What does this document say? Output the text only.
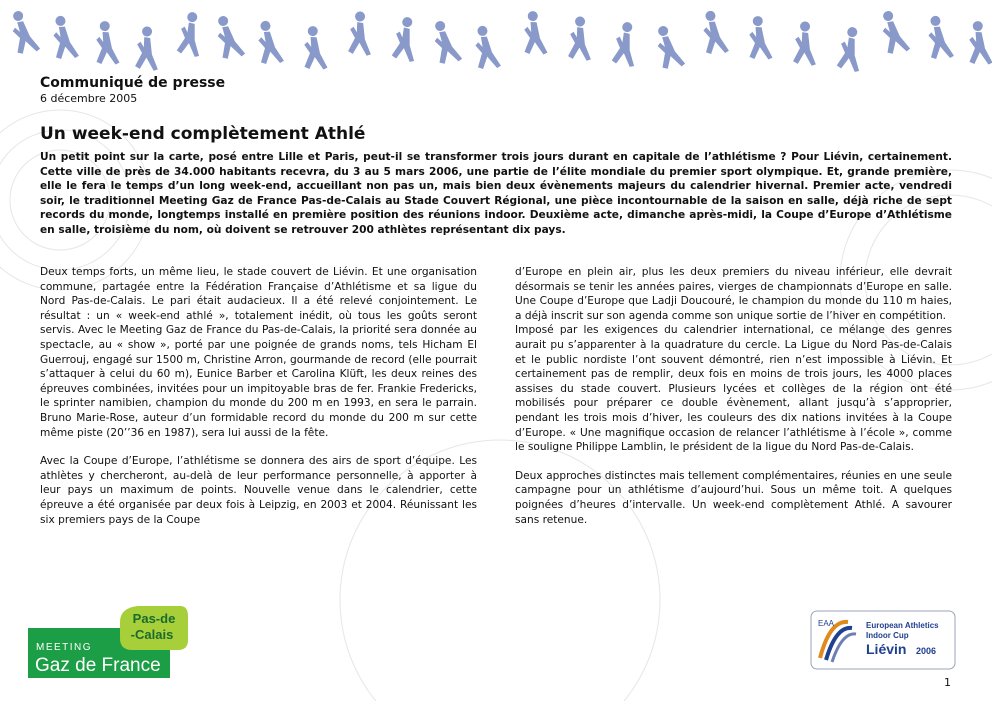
Communiqué de presse
6 décembre 2005
Un week-end complètement Athlé
Un petit point sur la carte, posé entre Lille et Paris, peut-il se transformer trois jours durant en capitale de l’athlétisme ? Pour Liévin, certainement. Cette ville de près de 34.000 habitants recevra, du 3 au 5 mars 2006, une partie de l’élite mondiale du premier sport olympique. Et, grande première, elle le fera le temps d’un long week-end, accueillant non pas un, mais bien deux évènements majeurs du calendrier hivernal. Premier acte, vendredi soir, le traditionnel Meeting Gaz de France Pas-de-Calais au Stade Couvert Régional, une pièce incontournable de la saison en salle, déjà riche de sept records du monde, longtemps installé en première position des réunions indoor. Deuxième acte, dimanche après-midi, la Coupe d’Europe d’Athlétisme en salle, troisième du nom, où doivent se retrouver 200 athlètes représentant dix pays.

Deux temps forts, un même lieu, le stade couvert de Liévin. Et une organisation commune, partagée entre la Fédération Française d’Athlétisme et sa ligue du Nord Pas-de-Calais. Le pari était audacieux. Il a été relevé conjointement. Le résultat : un « week-end athlé », totalement inédit, où tous les goûts seront servis. Avec le Meeting Gaz de France du Pas-de-Calais, la priorité sera donnée au spectacle, au « show », porté par une poignée de grands noms, tels Hicham El Guerrouj, engagé sur 1500 m, Christine Arron, gourmande de record (elle pourrait s’attaquer à celui du 60 m), Eunice Barber et Carolina Klüft, les deux reines des épreuves combinées, invitées pour un impitoyable bras de fer. Frankie Fredericks, le sprinter namibien, champion du monde du 200 m en 1993, en sera le parrain. Bruno Marie-Rose, auteur d’un formidable record du monde du 200 m sur cette même piste (20’’36 en 1987), sera lui aussi de la fête.

Avec la Coupe d’Europe, l’athlétisme se donnera des airs de sport d’équipe. Les athlètes y chercheront, au-delà de leur performance personnelle, à apporter à leur pays un maximum de points. Nouvelle venue dans le calendrier, cette épreuve a été organisée par deux fois à Leipzig, en 2003 et 2004. Réunissant les six premiers pays de la Coupe

d’Europe en plein air, plus les deux premiers du niveau inférieur, elle devrait désormais se tenir les années paires, vierges de championnats d’Europe en salle. Une Coupe d’Europe que Ladji Doucouré, le champion du monde du 110 m haies, a déjà inscrit sur son agenda comme son unique sortie de l’hiver en compétition.

Imposé par les exigences du calendrier international, ce mélange des genres aurait pu s’apparenter à la quadrature du cercle. La Ligue du Nord Pas-de-Calais et le public nordiste l’ont souvent démontré, rien n’est impossible à Liévin. Et certainement pas de remplir, deux fois en moins de trois jours, les 4000 places assises du stade couvert. Plusieurs lycées et collèges de la région ont été mobilisés pour préparer ce double évènement, allant jusqu’à s’approprier, pendant les trois mois d’hiver, les couleurs des dix nations invitées à la Coupe d’Europe. « Une magnifique occasion de relancer l’athlétisme à l’école », comme le souligne Philippe Lamblin, le président de la ligue du Nord Pas-de-Calais.

Deux approches distinctes mais tellement complémentaires, réunies en une seule campagne pour un athlétisme d’aujourd’hui. Sous un même toit. A quelques poignées d’heures d’intervalle. Un week-end complètement Athlé. A savourer sans retenue.

Pas-de
-Calais
MEETING
Gaz de France
EAA	European Athletics
Indoor Cup
Liévin 2006
1
